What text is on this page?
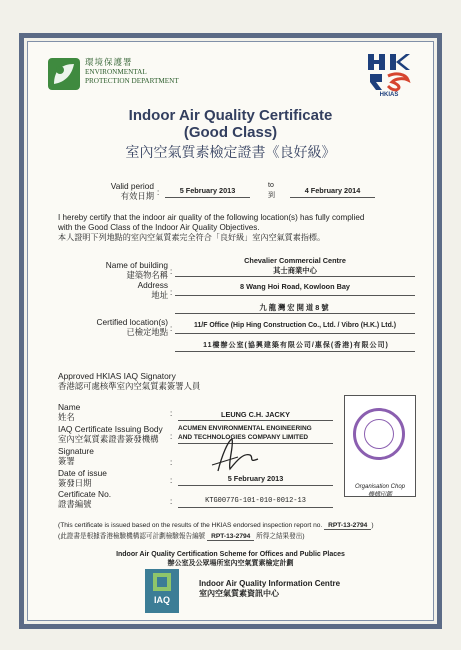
環境保護署
ENVIRONMENTAL
PROTECTION DEPARTMENT
HKIAS
Indoor Air Quality Certificate
(Good Class)
室內空氣質素檢定證書《良好級》
Valid period
有效日期 :	5 February 2013
to
到
4 February 2014
I hereby certify that the indoor air quality of the following location(s) has fully complied
with the Good Class of the Indoor Air Quality Objectives.
本人證明下列地點的室內空氣質素完全符合「良好級」室內空氣質素指標。
Name of building
建築物名稱 :
Chevalier Commercial Centre
其士商業中心
Address
地址 :
8 Wang Hoi Road, Kowloon Bay
九龍灣宏開道8號
Certified location(s)
已檢定地點 :	11/F Office (Hip Hing Construction Co., Ltd. / Vibro (H.K.) Ltd.)
11樓辦公室(協興建築有限公司/惠保(香港)有限公司)
Approved HKIAS IAQ Signatory
香港認可處核準室內空氣質素簽署人員
Name
姓名	:	LEUNG C.H. JACKY
IAQ Certificate Issuing Body
室內空氣質素證書簽發機構	:
ACUMEN ENVIRONMENTAL ENGINEERING
AND TECHNOLOGIES COMPANY LIMITED
Signature
簽署	:
Date of issue
簽發日期	:	5 February 2013
Certificate No.
證書編號	:	KTG0077G-101-010-0012-13
Organisation Chop
機構印鑑
(This certificate is issued based on the results of the HKIAS endorsed inspection report no. RPT-13-2794 )
(此證書是根據香港檢驗機構認可計劃檢驗報告編號 RPT-13-2794 所得之結果發出)
Indoor Air Quality Certification Scheme for Offices and Public Places
辦公室及公眾場所室內空氣質素檢定計劃
IAQ
Indoor Air Quality Information Centre
室內空氣質素資訊中心
